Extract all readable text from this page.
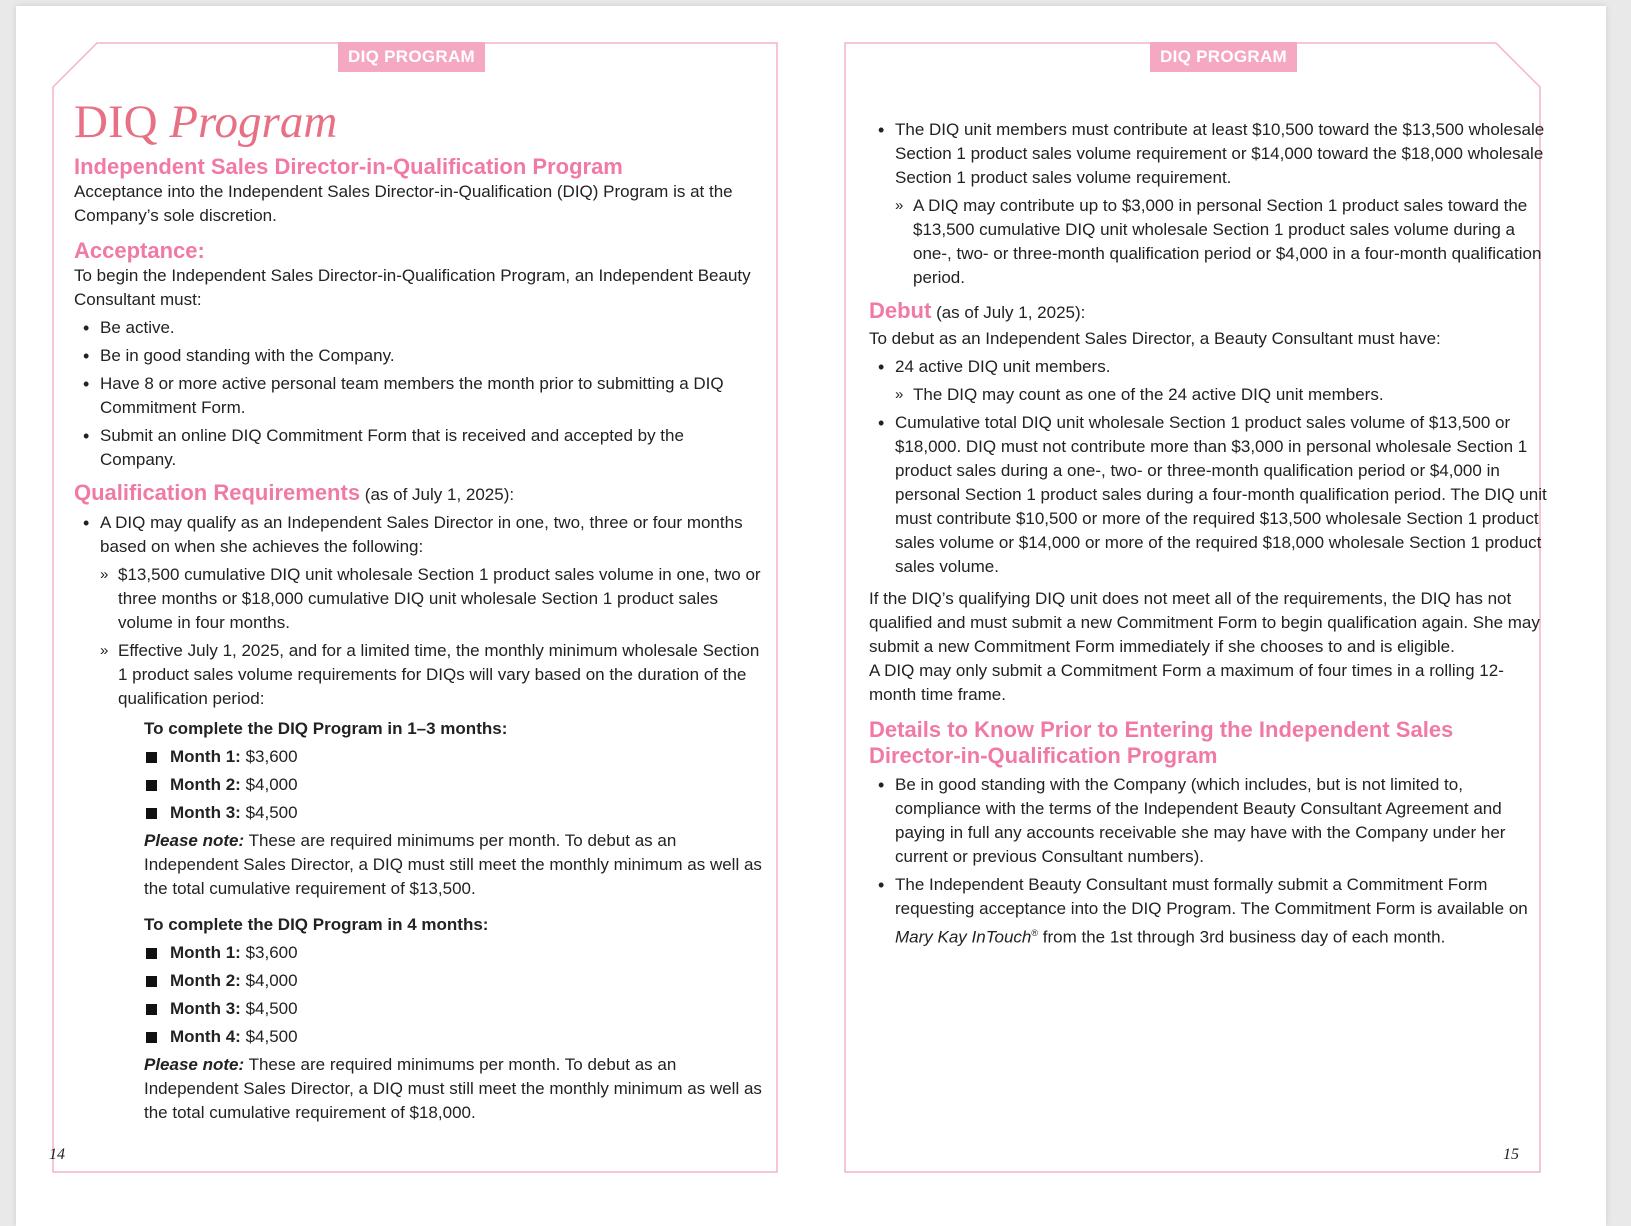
DIQ PROGRAM
DIQ Program
Independent Sales Director-in-Qualification Program

Acceptance into the Independent Sales Director-in-Qualification (DIQ) Program is at the Company’s sole discretion.

Acceptance:

To begin the Independent Sales Director-in-Qualification Program, an Independent Beauty Consultant must:

• Be active.
• Be in good standing with the Company.
• Have 8 or more active personal team members the month prior to submitting a DIQ Commitment Form.
• Submit an online DIQ Commitment Form that is received and accepted by the Company.
Qualification Requirements (as of July 1, 2025):
• A DIQ may qualify as an Independent Sales Director in one, two, three or four months based on when she achieves the following:
» $13,500 cumulative DIQ unit wholesale Section 1 product sales volume in one, two or three months or $18,000 cumulative DIQ unit wholesale Section 1 product sales volume in four months.
» Effective July 1, 2025, and for a limited time, the monthly minimum wholesale Section 1 product sales volume requirements for DIQs will vary based on the duration of the qualification period:
To complete the DIQ Program in 1–3 months:
Month 1: $3,600
Month 2: $4,000
Month 3: $4,500

Please note: These are required minimums per month. To debut as an Independent Sales Director, a DIQ must still meet the monthly minimum as well as the total cumulative requirement of $13,500.

To complete the DIQ Program in 4 months:
Month 1: $3,600
Month 2: $4,000
Month 3: $4,500
Month 4: $4,500

Please note: These are required minimums per month. To debut as an Independent Sales Director, a DIQ must still meet the monthly minimum as well as the total cumulative requirement of $18,000.

14
DIQ PROGRAM
• The DIQ unit members must contribute at least $10,500 toward the $13,500 wholesale Section 1 product sales volume requirement or $14,000 toward the $18,000 wholesale Section 1 product sales volume requirement.
» A DIQ may contribute up to $3,000 in personal Section 1 product sales toward the $13,500 cumulative DIQ unit wholesale Section 1 product sales volume during a one-, two- or three-month qualification period or $4,000 in a four-month qualification period.
Debut (as of July 1, 2025):

To debut as an Independent Sales Director, a Beauty Consultant must have:

• 24 active DIQ unit members.
» The DIQ may count as one of the 24 active DIQ unit members.
• Cumulative total DIQ unit wholesale Section 1 product sales volume of $13,500 or $18,000. DIQ must not contribute more than $3,000 in personal wholesale Section 1 product sales during a one-, two- or three-month qualification period or $4,000 in personal Section 1 product sales during a four-month qualification period. The DIQ unit must contribute $10,500 or more of the required $13,500 wholesale Section 1 product sales volume or $14,000 or more of the required $18,000 wholesale Section 1 product sales volume.

If the DIQ’s qualifying DIQ unit does not meet all of the requirements, the DIQ has not qualified and must submit a new Commitment Form to begin qualification again. She may submit a new Commitment Form immediately if she chooses to and is eligible.

A DIQ may only submit a Commitment Form a maximum of four times in a rolling 12-month time frame.

Details to Know Prior to Entering the Independent Sales Director-in-Qualification Program
• Be in good standing with the Company (which includes, but is not limited to, compliance with the terms of the Independent Beauty Consultant Agreement and paying in full any accounts receivable she may have with the Company under her current or previous Consultant numbers).
• The Independent Beauty Consultant must formally submit a Commitment Form requesting acceptance into the DIQ Program. The Commitment Form is available on Mary Kay InTouch® from the 1st through 3rd business day of each month.
15
